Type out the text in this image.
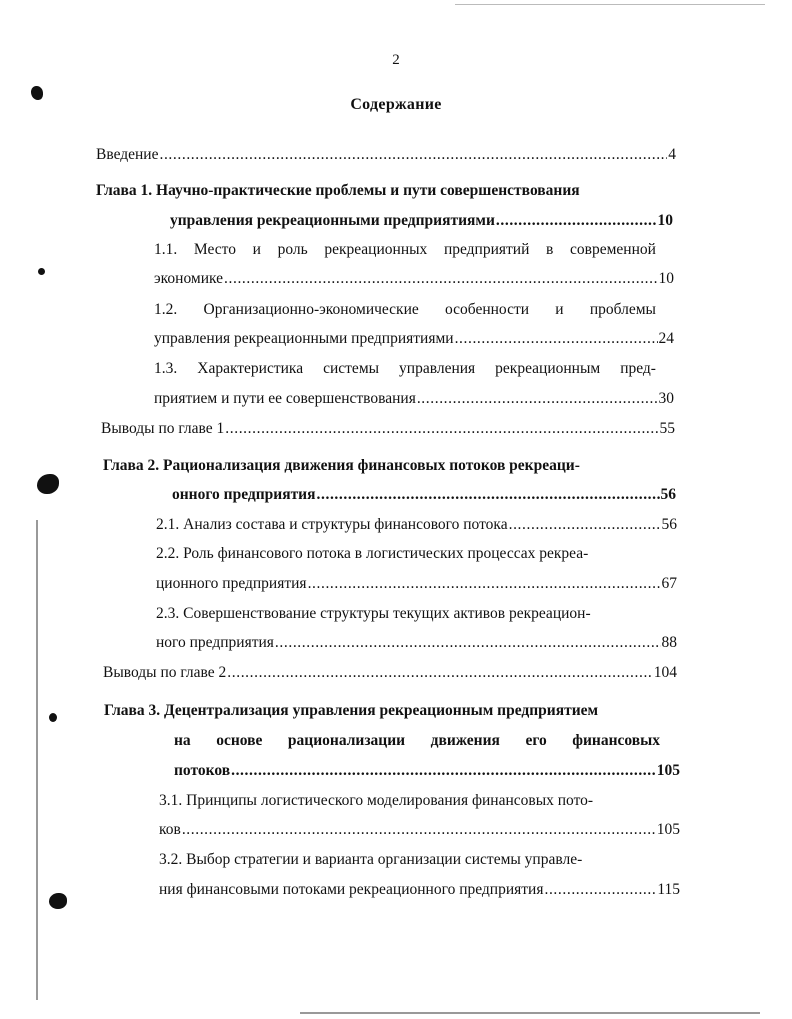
2
Содержание
Введение .....	4
Глава 1. Научно-практические проблемы и пути совершенствования
управления рекреационными предприятиями .....	10
1.1. Место и роль рекреационных предприятий в современной
экономике .....	10
1.2. Организационно-экономические особенности и проблемы
управления рекреационными предприятиями .....	24
1.3. Характеристика системы управления рекреационным пред-
приятием и пути ее совершенствования .....	30
Выводы по главе 1 .....	55
Глава 2. Рационализация движения финансовых потоков рекреаци-
онного предприятия .....	56
2.1. Анализ состава и структуры финансового потока .....	56
2.2. Роль финансового потока в логистических процессах рекреа-
ционного предприятия .....	67
2.3. Совершенствование структуры текущих активов рекреацион-
ного предприятия .....	88
Выводы по главе 2 .....	104
Глава 3. Децентрализация управления рекреационным предприятием
на основе рационализации движения его финансовых
потоков .....	105
3.1. Принципы логистического моделирования финансовых пото-
ков .....	105
3.2. Выбор стратегии и варианта организации системы управле-
ния финансовыми потоками рекреационного предприятия .....	115
